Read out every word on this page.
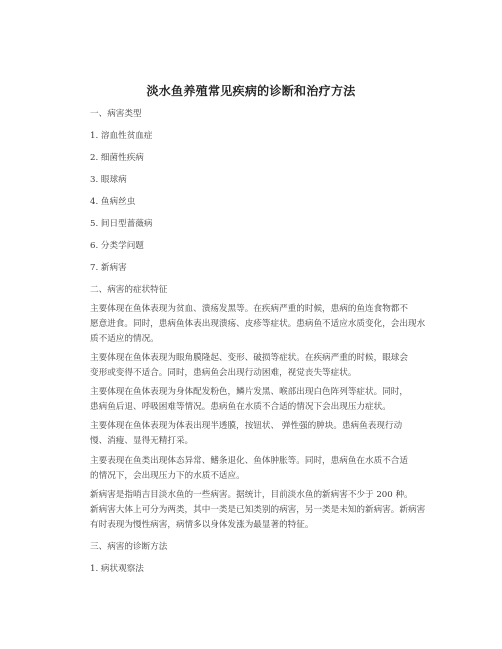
淡水鱼养殖常见疾病的诊断和治疗方法
一、病害类型
1. 溶血性贫血症
2. 细菌性疾病
3. 眼球病
4. 鱼病丝虫
5. 间日型蔷薇病
6. 分类学问题
7. 新病害
二、病害的症状特征
主要体现在鱼体表现为贫血、溃疡发黑等。在疾病严重的时候，患病的鱼连食物都不
愿意进食。同时，患病鱼体表出现溃疡、皮疹等症状。患病鱼不适应水质变化，会出现水
质不适应的情况。
主要体现在鱼体表现为眼角膜隆起、变形、破损等症状。在疾病严重的时候，眼球会
变形或变得不适合。同时，患病鱼会出现行动困难，视觉丧失等症状。
主要体现在鱼体表现为身体配发粉色，鳞片发黑、喉部出现白色阵列等症状。同时，
患病鱼后退、呼吸困难等情况。患病鱼在水质不合适的情况下会出现压力症状。
主要体现在鱼体表现为体表出现半透膜，按钮状、 弹性强的肿块。患病鱼表现行动
慢、消瘦、显得无精打采。
主要表现在鱼类出现体态异常、鳍条退化、鱼体肿胀等。同时，患病鱼在水质不合适
的情况下，会出现压力下的水质不适应。
新病害是指哨吉目淡水鱼的一些病害。据统计，目前淡水鱼的新病害不少于 200 种。
新病害大体上可分为两类，其中一类是已知类别的病害，另一类是未知的新病害。新病害
有时表现为慢性病害，病情多以身体发涨为最显著的特征。
三、病害的诊断方法
1. 病状观察法
